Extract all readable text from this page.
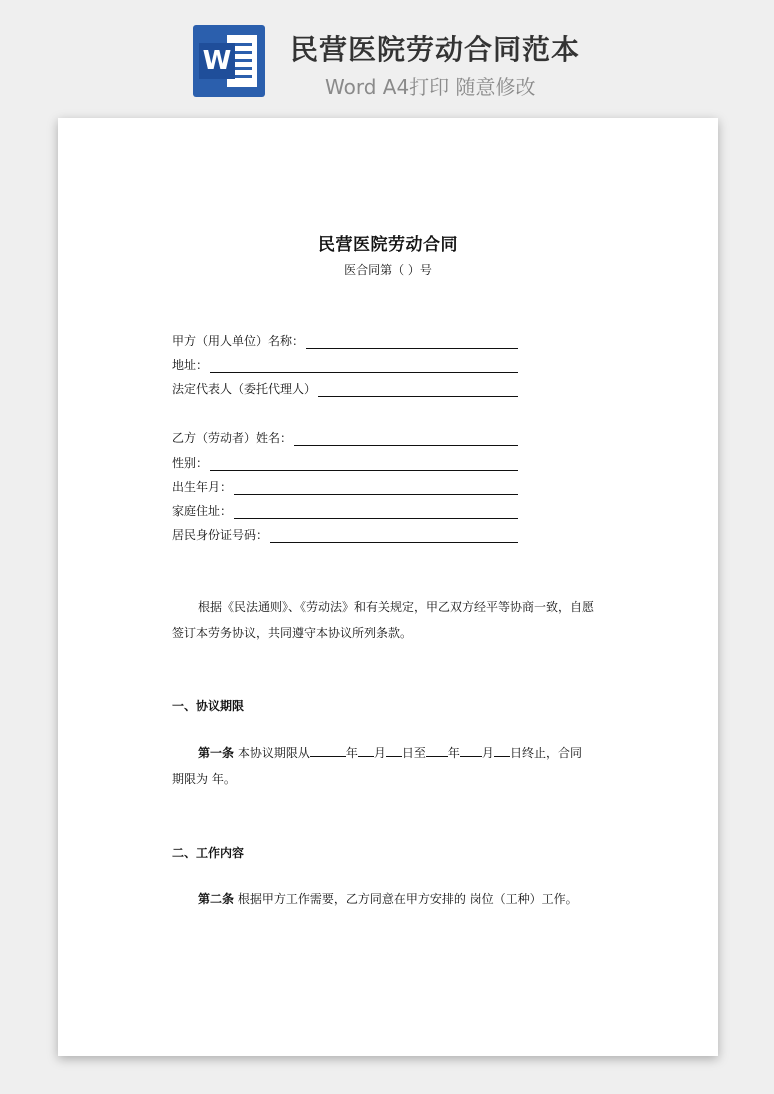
W 民营医院劳动合同范本
Word A4打印 随意修改
民营医院劳动合同
医合同第（ ）号
甲方（用人单位）名称：
地址：
法定代表人（委托代理人）
乙方（劳动者）姓名：
性别：
出生年月：
家庭住址：
居民身份证号码：
根据《民法通则》、《劳动法》和有关规定，甲乙双方经平等协商一致，自愿签订本劳务协议，共同遵守本协议所列条款。
一、协议期限
第一条 本协议期限从	年 月 日至 年 月 日终止，合同
期限为 年。
二、工作内容
第二条 根据甲方工作需要，乙方同意在甲方安排的 岗位（工种）工作。
